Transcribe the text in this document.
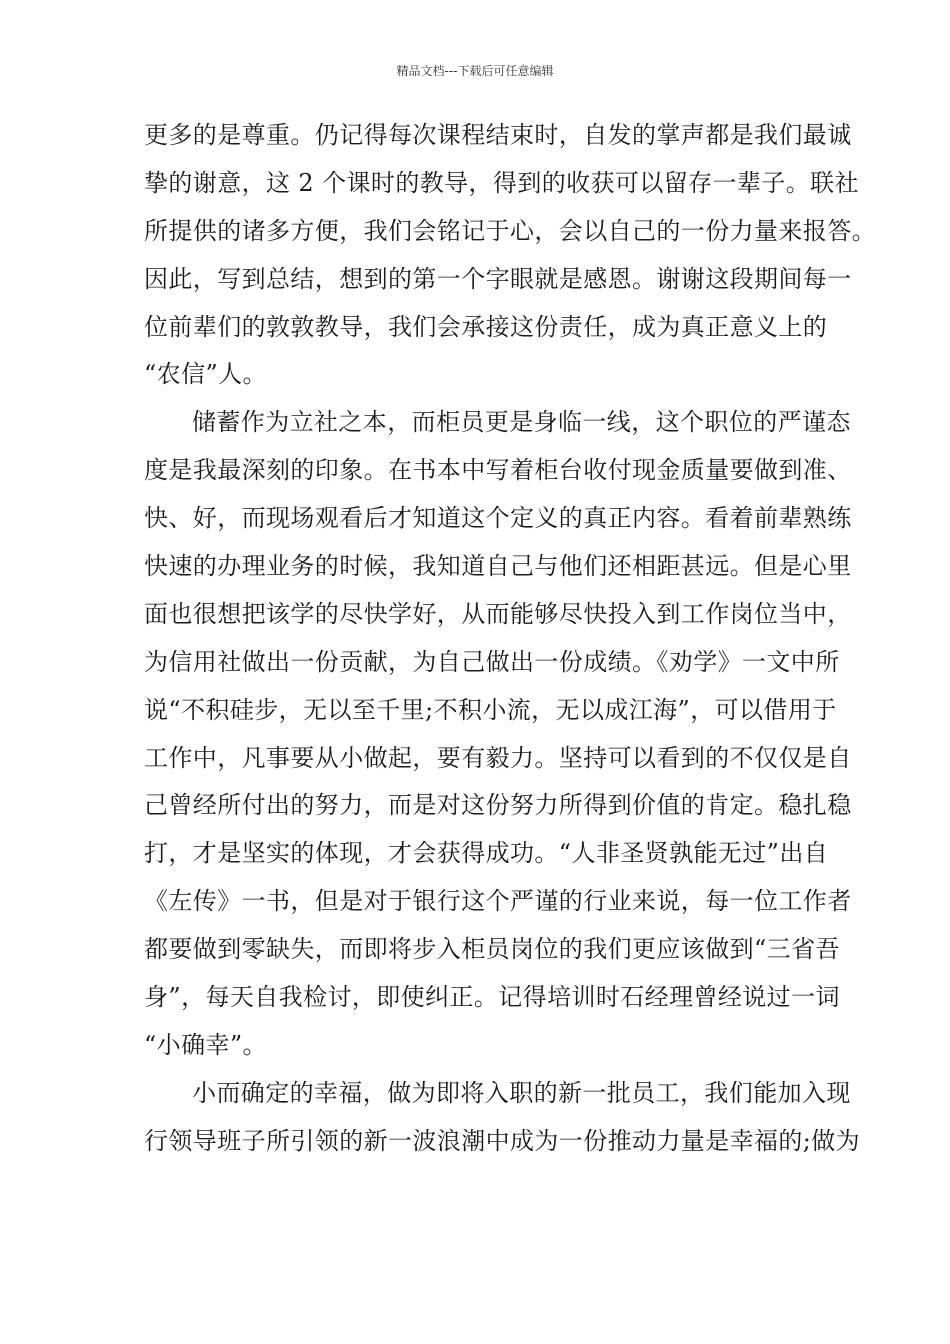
精品文档---下载后可任意编辑
更多的是尊重。仍记得每次课程结束时，自发的掌声都是我们最诚
挚的谢意，这 2 个课时的教导，得到的收获可以留存一辈子。联社
所提供的诸多方便，我们会铭记于心，会以自己的一份力量来报答。
因此，写到总结，想到的第一个字眼就是感恩。谢谢这段期间每一
位前辈们的敦敦教导，我们会承接这份责任，成为真正意义上的
“农信”人。
储蓄作为立社之本，而柜员更是身临一线，这个职位的严谨态
度是我最深刻的印象。在书本中写着柜台收付现金质量要做到准、
快、好，而现场观看后才知道这个定义的真正内容。看着前辈熟练
快速的办理业务的时候，我知道自己与他们还相距甚远。但是心里
面也很想把该学的尽快学好，从而能够尽快投入到工作岗位当中，
为信用社做出一份贡献，为自己做出一份成绩。《劝学》一文中所
说“不积硅步，无以至千里;不积小流，无以成江海”，可以借用于
工作中，凡事要从小做起，要有毅力。坚持可以看到的不仅仅是自
己曾经所付出的努力，而是对这份努力所得到价值的肯定。稳扎稳
打，才是坚实的体现，才会获得成功。“人非圣贤孰能无过”出自
《左传》一书，但是对于银行这个严谨的行业来说，每一位工作者
都要做到零缺失，而即将步入柜员岗位的我们更应该做到“三省吾
身”，每天自我检讨，即使纠正。记得培训时石经理曾经说过一词
“小确幸”。
小而确定的幸福，做为即将入职的新一批员工，我们能加入现
行领导班子所引领的新一波浪潮中成为一份推动力量是幸福的;做为
